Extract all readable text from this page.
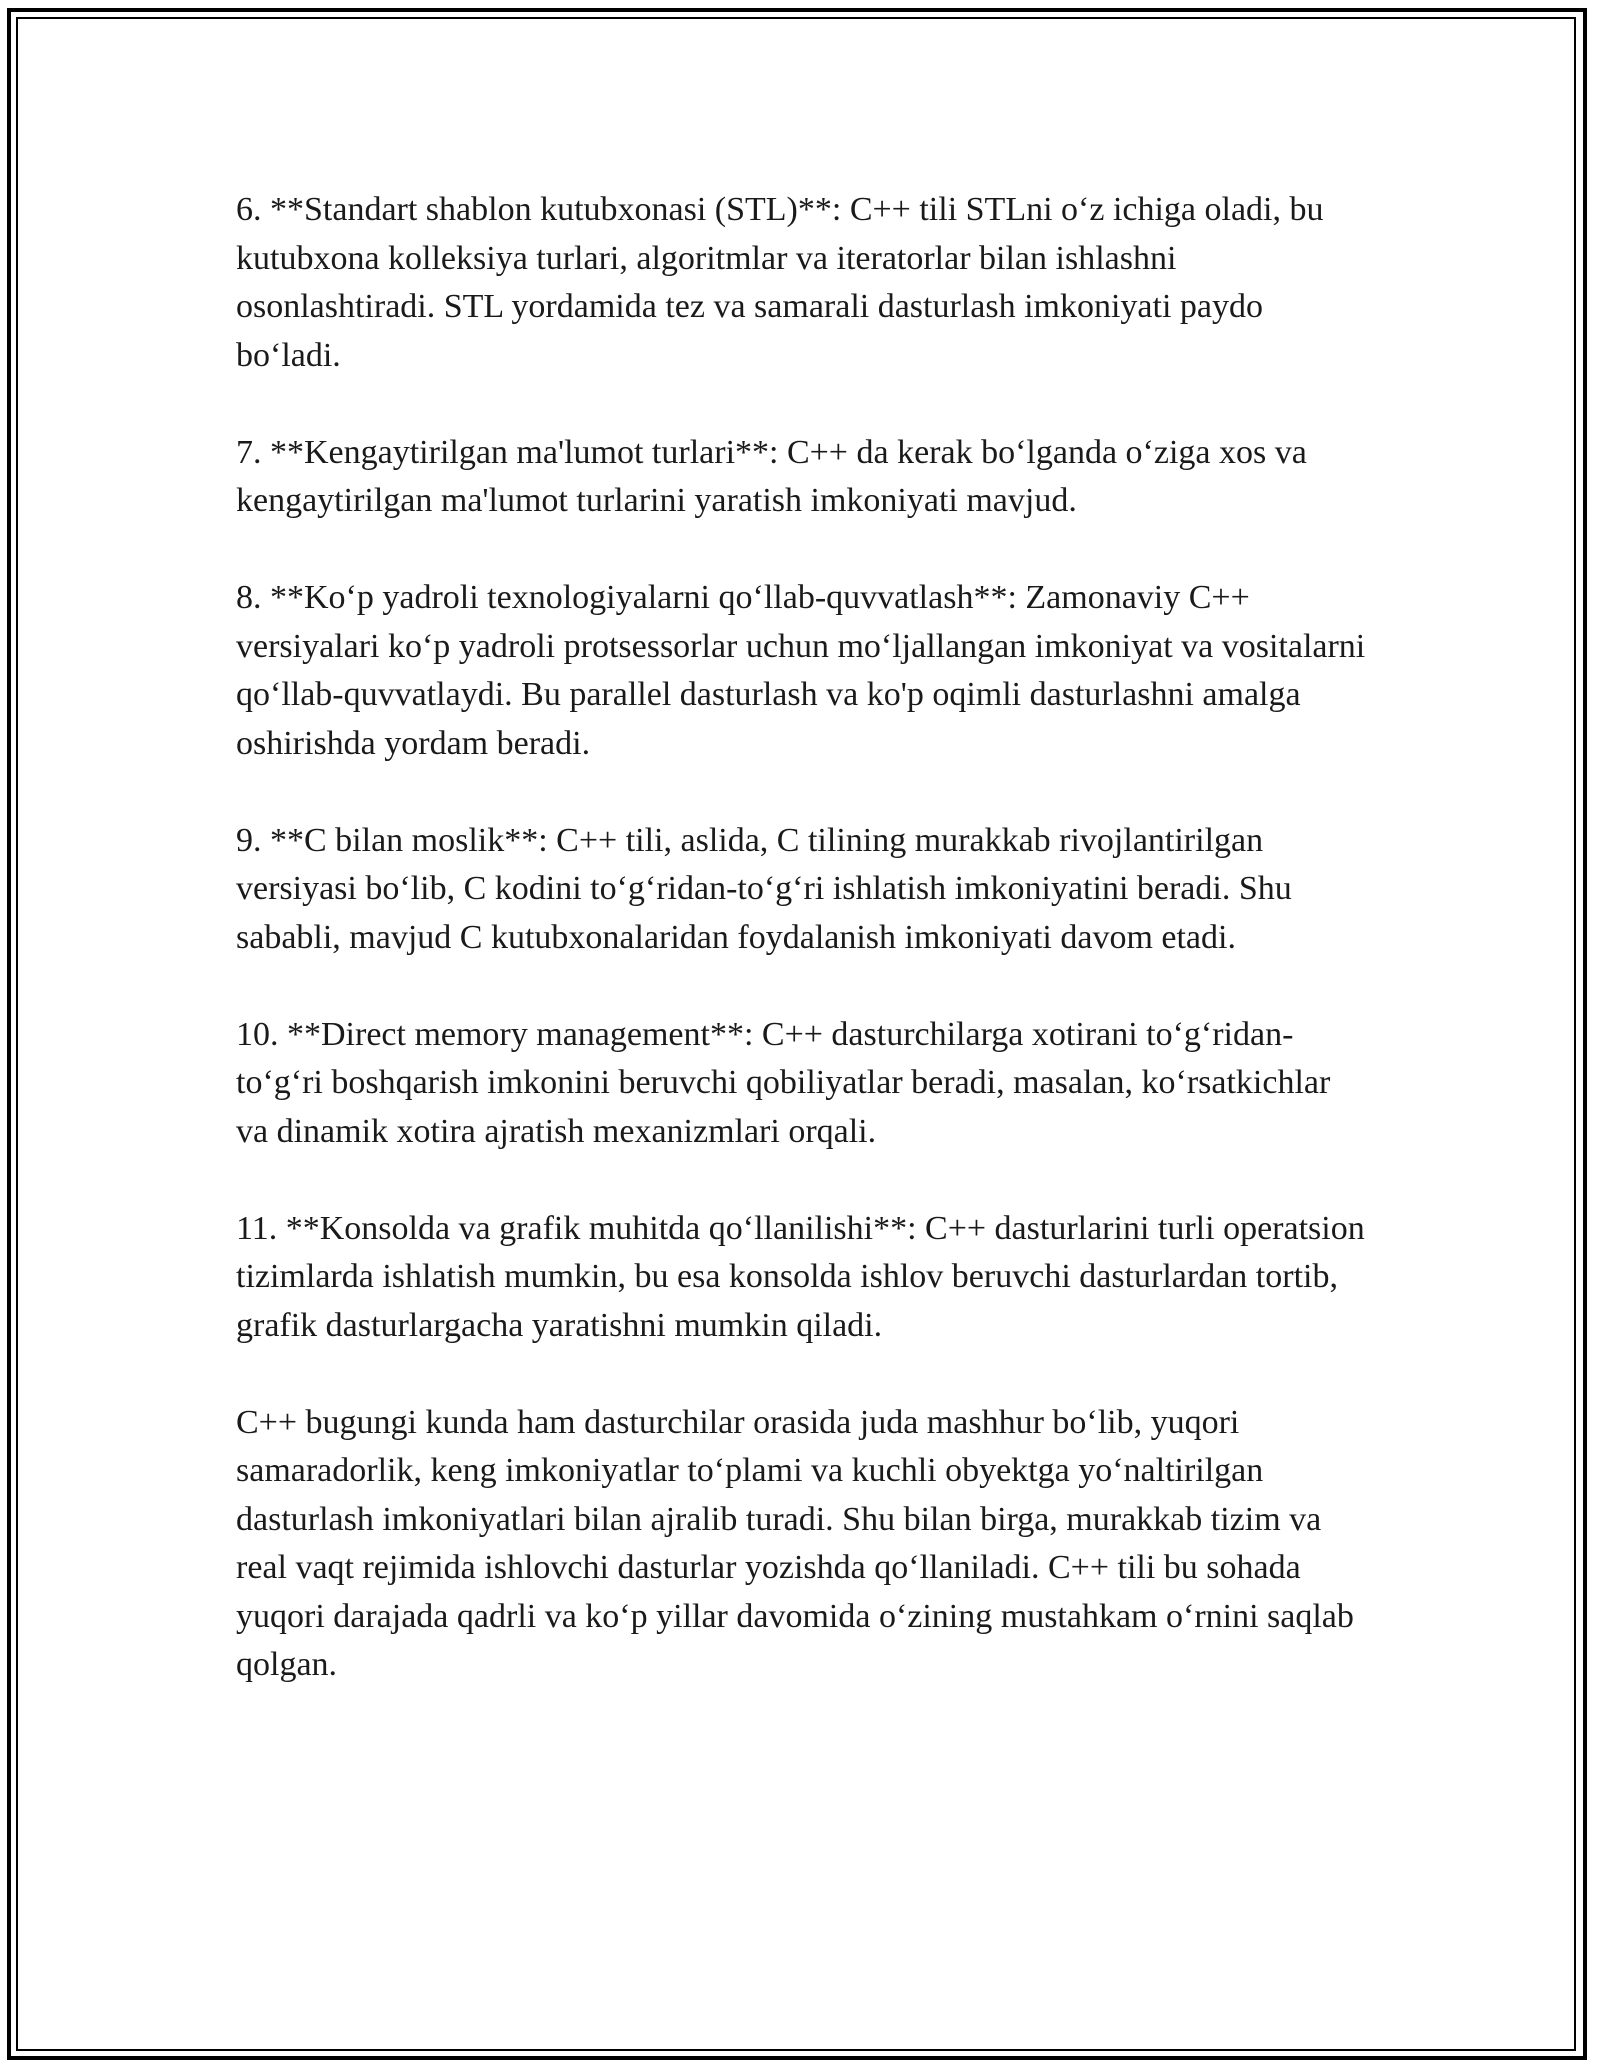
6. **Standart shablon kutubxonasi (STL)**: C++ tili STLni o‘z ichiga oladi, bu kutubxona kolleksiya turlari, algoritmlar va iteratorlar bilan ishlashni osonlashtiradi. STL yordamida tez va samarali dasturlash imkoniyati paydo bo‘ladi.

7. **Kengaytirilgan ma'lumot turlari**: C++ da kerak bo‘lganda o‘ziga xos va kengaytirilgan ma'lumot turlarini yaratish imkoniyati mavjud.

8. **Ko‘p yadroli texnologiyalarni qo‘llab-quvvatlash**: Zamonaviy C++ versiyalari ko‘p yadroli protsessorlar uchun mo‘ljallangan imkoniyat va vositalarni qo‘llab-quvvatlaydi. Bu parallel dasturlash va ko'p oqimli dasturlashni amalga oshirishda yordam beradi.

9. **C bilan moslik**: C++ tili, aslida, C tilining murakkab rivojlantirilgan versiyasi bo‘lib, C kodini to‘g‘ridan-to‘g‘ri ishlatish imkoniyatini beradi. Shu sababli, mavjud C kutubxonalaridan foydalanish imkoniyati davom etadi.

10. **Direct memory management**: C++ dasturchilarga xotirani to‘g‘ridan-to‘g‘ri boshqarish imkonini beruvchi qobiliyatlar beradi, masalan, ko‘rsatkichlar va dinamik xotira ajratish mexanizmlari orqali.

11. **Konsolda va grafik muhitda qo‘llanilishi**: C++ dasturlarini turli operatsion tizimlarda ishlatish mumkin, bu esa konsolda ishlov beruvchi dasturlardan tortib, grafik dasturlargacha yaratishni mumkin qiladi.

C++ bugungi kunda ham dasturchilar orasida juda mashhur bo‘lib, yuqori samaradorlik, keng imkoniyatlar to‘plami va kuchli obyektga yo‘naltirilgan dasturlash imkoniyatlari bilan ajralib turadi. Shu bilan birga, murakkab tizim va real vaqt rejimida ishlovchi dasturlar yozishda qo‘llaniladi. C++ tili bu sohada yuqori darajada qadrli va ko‘p yillar davomida o‘zining mustahkam o‘rnini saqlab qolgan.
